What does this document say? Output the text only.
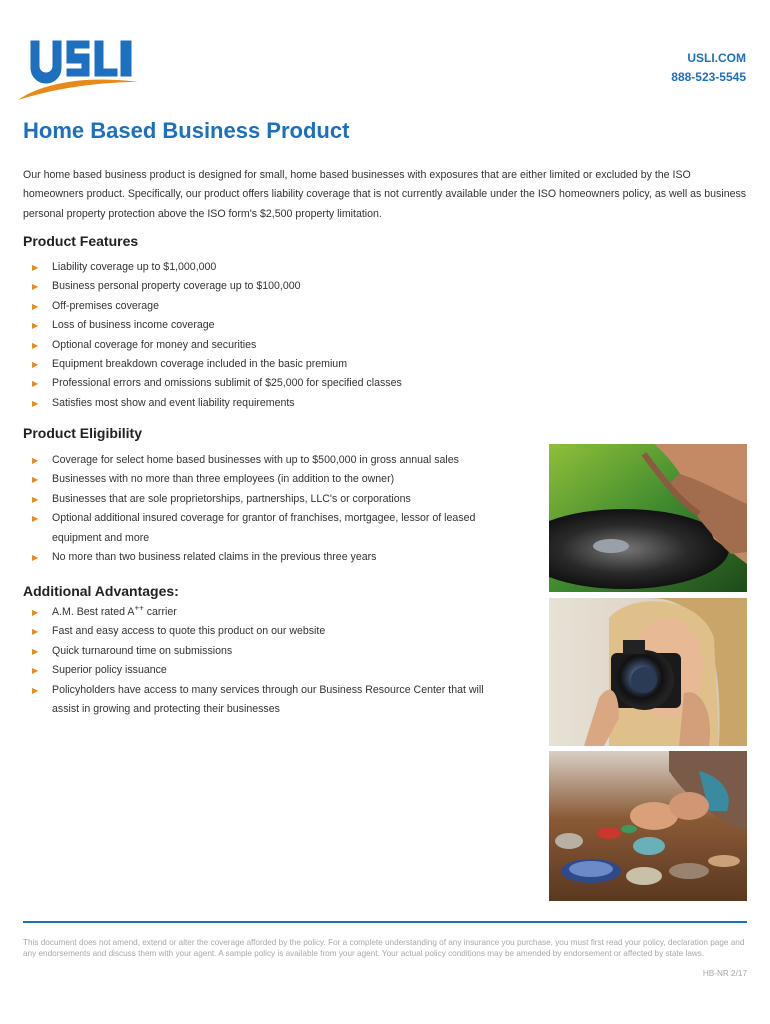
USLI.COM
888-523-5545
Home Based Business Product

Our home based business product is designed for small, home based businesses with exposures that are either limited or excluded by the ISO homeowners product. Specifically, our product offers liability coverage that is not currently available under the ISO homeowners policy, as well as business personal property protection above the ISO form's $2,500 property limitation.

Product Features
▶ Liability coverage up to $1,000,000
▶ Business personal property coverage up to $100,000
▶ Off-premises coverage
▶ Loss of business income coverage
▶ Optional coverage for money and securities
▶ Equipment breakdown coverage included in the basic premium
▶ Professional errors and omissions sublimit of $25,000 for specified classes
▶ Satisfies most show and event liability requirements
Product Eligibility
▶ Coverage for select home based businesses with up to $500,000 in gross annual sales
▶ Businesses with no more than three employees (in addition to the owner)
▶ Businesses that are sole proprietorships, partnerships, LLC's or corporations
▶ Optional additional insured coverage for grantor of franchises, mortgagee, lessor of leased equipment and more
▶ No more than two business related claims in the previous three years
Additional Advantages:
▶ A.M. Best rated A++ carrier
▶ Fast and easy access to quote this product on our website
▶ Quick turnaround time on submissions
▶ Superior policy issuance
▶ Policyholders have access to many services through our Business Resource Center that will assist in growing and protecting their businesses

This document does not amend, extend or alter the coverage afforded by the policy. For a complete understanding of any insurance you purchase, you must first read your policy, declaration page and any endorsements and discuss them with your agent. A sample policy is available from your agent. Your actual policy conditions may be amended by endorsement or affected by state laws.

HB-NR 2/17
